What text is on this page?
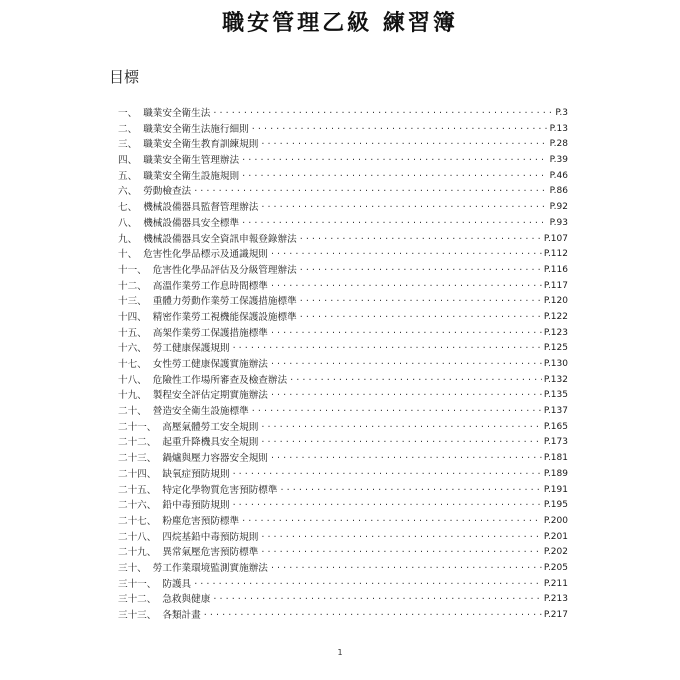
職安管理乙級 練習簿
目標
一、 職業安全衛生法 · ·	P.3
二、 職業安全衛生法施行細則 · ·	P.13
三、 職業安全衛生教育訓練規則 · ·	P.28
四、 職業安全衛生管理辦法 · ·	P.39
五、 職業安全衛生設施規則 · ·	P.46
六、 勞動檢查法 · ·	P.86
七、 機械設備器具監督管理辦法 · ·	P.92
八、 機械設備器具安全標準 · ·	P.93
九、 機械設備器具安全資訊申報登錄辦法 · ·	P.107
十、 危害性化學品標示及通識規則 · ·	P.112
十一、 危害性化學品評估及分級管理辦法 · ·	P.116
十二、 高溫作業勞工作息時間標準 · ·	P.117
十三、 重體力勞動作業勞工保護措施標準 · ·	P.120
十四、 精密作業勞工視機能保護設施標準 · ·	P.122
十五、 高架作業勞工保護措施標準 · ·	P.123
十六、 勞工健康保護規則 · ·	P.125
十七、 女性勞工健康保護實施辦法 · ·	P.130
十八、 危險性工作場所審查及檢查辦法 · ·	P.132
十九、 製程安全評估定期實施辦法 · ·	P.135
二十、 營造安全衛生設施標準 · ·	P.137
二十一、 高壓氣體勞工安全規則 · ·	P.165
二十二、 起重升降機具安全規則 · ·	P.173
二十三、 鍋爐與壓力容器安全規則 · ·	P.181
二十四、 缺氧症預防規則 · ·	P.189
二十五、 特定化學物質危害預防標準 · ·	P.191
二十六、 鉛中毒預防規則 · ·	P.195
二十七、 粉塵危害預防標準 · ·	P.200
二十八、 四烷基鉛中毒預防規則 · ·	P.201
二十九、 異常氣壓危害預防標準 · ·	P.202
三十、 勞工作業環境監測實施辦法 · ·	P.205
三十一、 防護具 · ·	P.211
三十二、 急救與健康 · ·	P.213
三十三、 各類計畫 · ·	P.217
1
